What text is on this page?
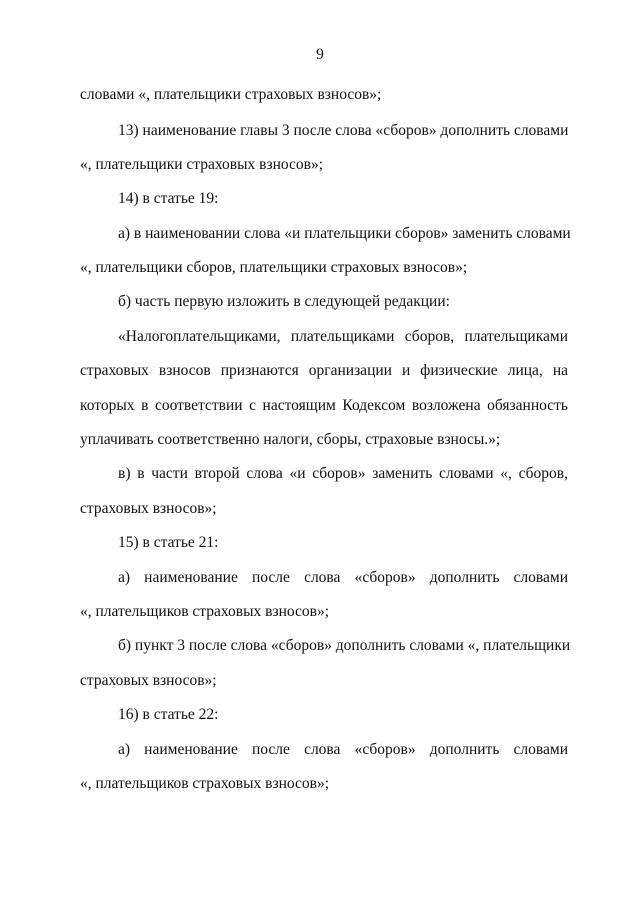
9
словами «, плательщики страховых взносов»;
13) наименование главы 3 после слова «сборов» дополнить словами
«, плательщики страховых взносов»;
14) в статье 19:
а) в наименовании слова «и плательщики сборов» заменить словами
«, плательщики сборов, плательщики страховых взносов»;
б) часть первую изложить в следующей редакции:
«Налогоплательщиками, плательщиками сборов, плательщиками
страховых взносов признаются организации и физические лица, на
которых в соответствии с настоящим Кодексом возложена обязанность
уплачивать соответственно налоги, сборы, страховые взносы.»;
в) в части второй слова «и сборов» заменить словами «, сборов,
страховых взносов»;
15) в статье 21:
а) наименование после слова «сборов» дополнить словами
«, плательщиков страховых взносов»;
б) пункт 3 после слова «сборов» дополнить словами «, плательщики
страховых взносов»;
16) в статье 22:
а) наименование после слова «сборов» дополнить словами
«, плательщиков страховых взносов»;
